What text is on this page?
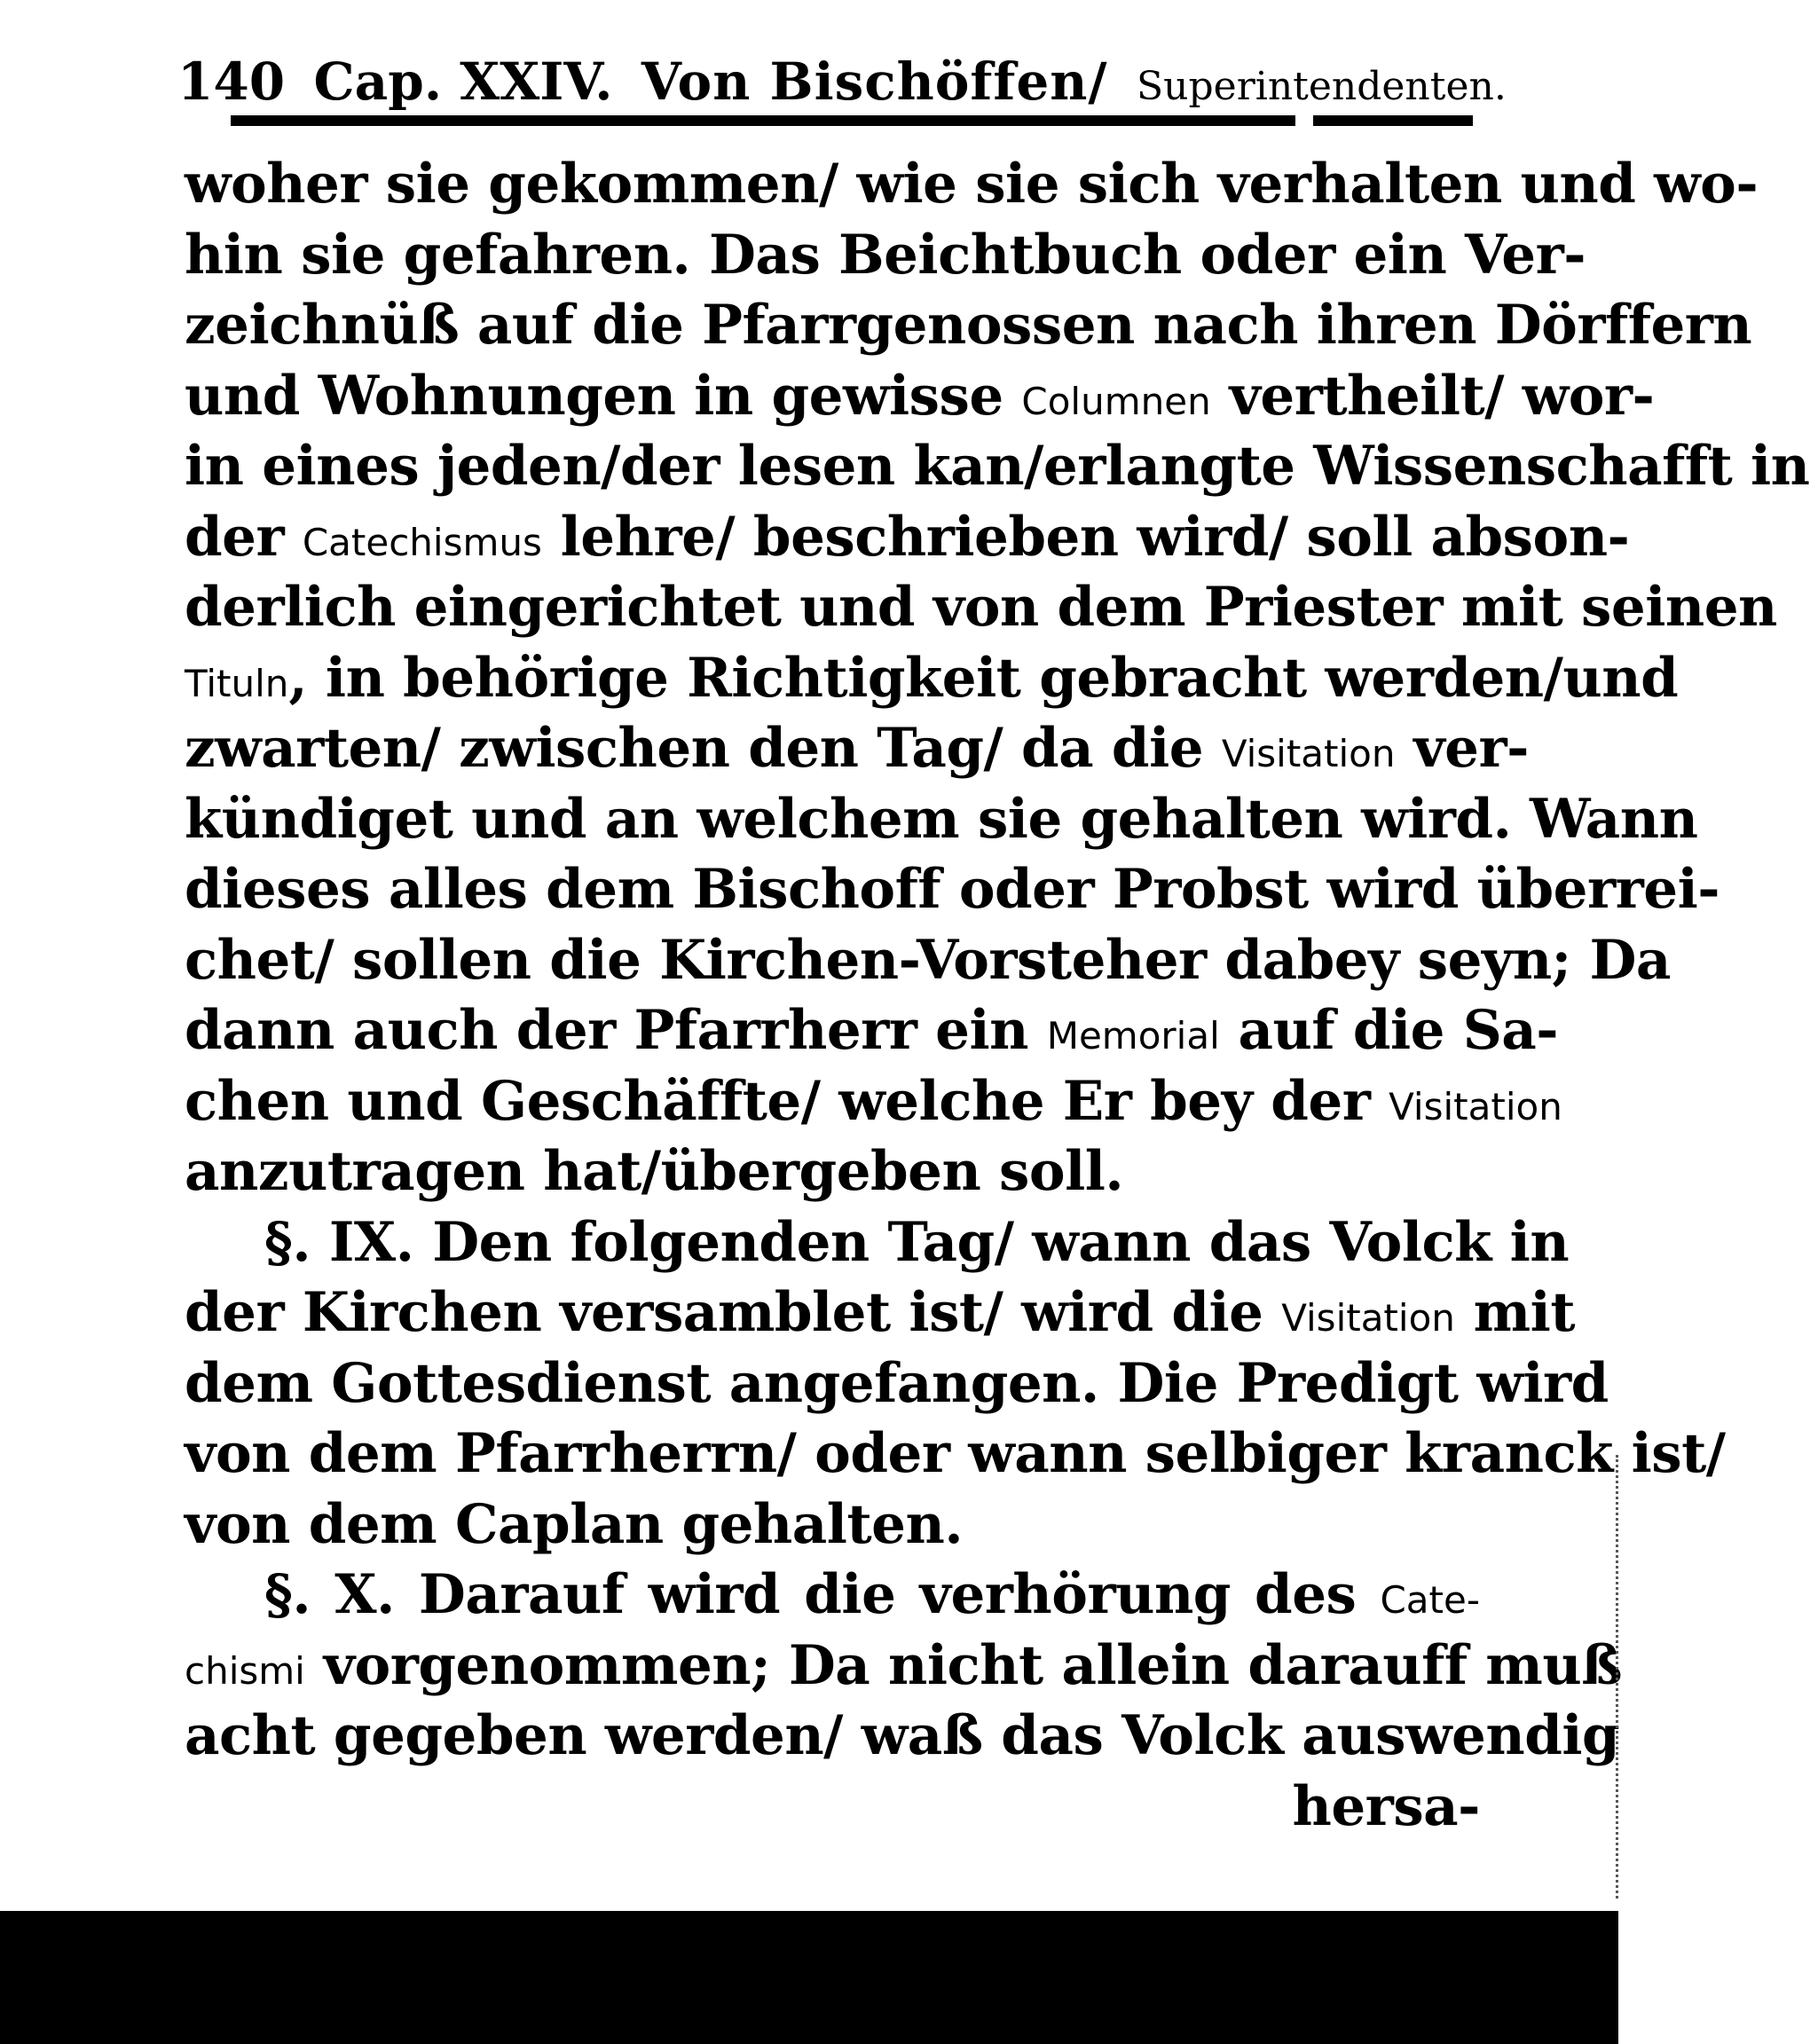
140 Cap. XXIV. Von Bischöffen/ Superintendenten.
woher sie gekommen/ wie sie sich verhalten und wo-
hin sie gefahren. Das Beichtbuch oder ein Ver-
zeichnüß auf die Pfarrgenossen nach ihren Dörffern
und Wohnungen in gewisse Columnen vertheilt/ wor-
in eines jeden/der lesen kan/erlangte Wissenschafft in
der Catechismus lehre/ beschrieben wird/ soll abson-
derlich eingerichtet und von dem Priester mit seinen
Tituln, in behörige Richtigkeit gebracht werden/und
zwarten/ zwischen den Tag/ da die Visitation ver-
kündiget und an welchem sie gehalten wird. Wann
dieses alles dem Bischoff oder Probst wird überrei-
chet/ sollen die Kirchen-Vorsteher dabey seyn; Da
dann auch der Pfarrherr ein Memorial auf die Sa-
chen und Geschäffte/ welche Er bey der Visitation
anzutragen hat/übergeben soll.
§. IX. Den folgenden Tag/ wann das Volck in
der Kirchen versamblet ist/ wird die Visitation mit
dem Gottesdienst angefangen. Die Predigt wird
von dem Pfarrherrn/ oder wann selbiger kranck ist/
von dem Caplan gehalten.
§. X. Darauf wird die verhörung des Cate-
chismi vorgenommen; Da nicht allein darauff muß
acht gegeben werden/ waß das Volck auswendig
hersa-
